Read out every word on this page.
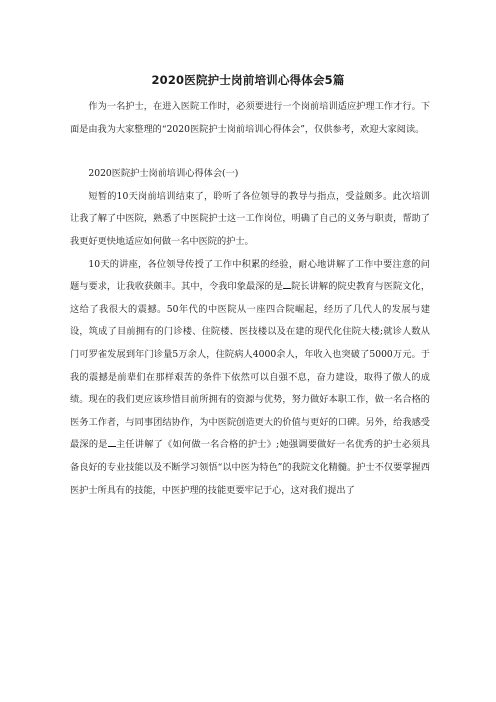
2020医院护士岗前培训心得体会5篇

作为一名护士，在进入医院工作时，必须要进行一个岗前培训适应护理工作才行。下面是由我为大家整理的“2020医院护士岗前培训心得体会”，仅供参考，欢迎大家阅读。

2020医院护士岗前培训心得体会(一)

短暂的10天岗前培训结束了，聆听了各位领导的教导与指点，受益颇多。此次培训让我了解了中医院，熟悉了中医院护士这一工作岗位，明确了自己的义务与职责，帮助了我更好更快地适应如何做一名中医院的护士。

10天的讲座，各位领导传授了工作中积累的经验，耐心地讲解了工作中要注意的问题与要求，让我收获颇丰。其中，令我印象最深的是 院长讲解的院史教育与医院文化，这给了我很大的震撼。50年代的中医院从一座四合院崛起，经历了几代人的发展与建设，筑成了目前拥有的门诊楼、住院楼、医技楼以及在建的现代化住院大楼;就诊人数从门可罗雀发展到年门诊量5万余人，住院病人4000余人，年收入也突破了5000万元。于我的震撼是前辈们在那样艰苦的条件下依然可以自强不息，奋力建设，取得了傲人的成绩。现在的我们更应该珍惜目前所拥有的资源与优势，努力做好本职工作，做一名合格的医务工作者，与同事团结协作，为中医院创造更大的价值与更好的口碑。另外，给我感受最深的是 主任讲解了《如何做一名合格的护士》;她强调要做好一名优秀的护士必须具备良好的专业技能以及不断学习领悟“以中医为特色”的我院文化精髓。护士不仅要掌握西医护士所具有的技能，中医护理的技能更要牢记于心，这对我们提出了
